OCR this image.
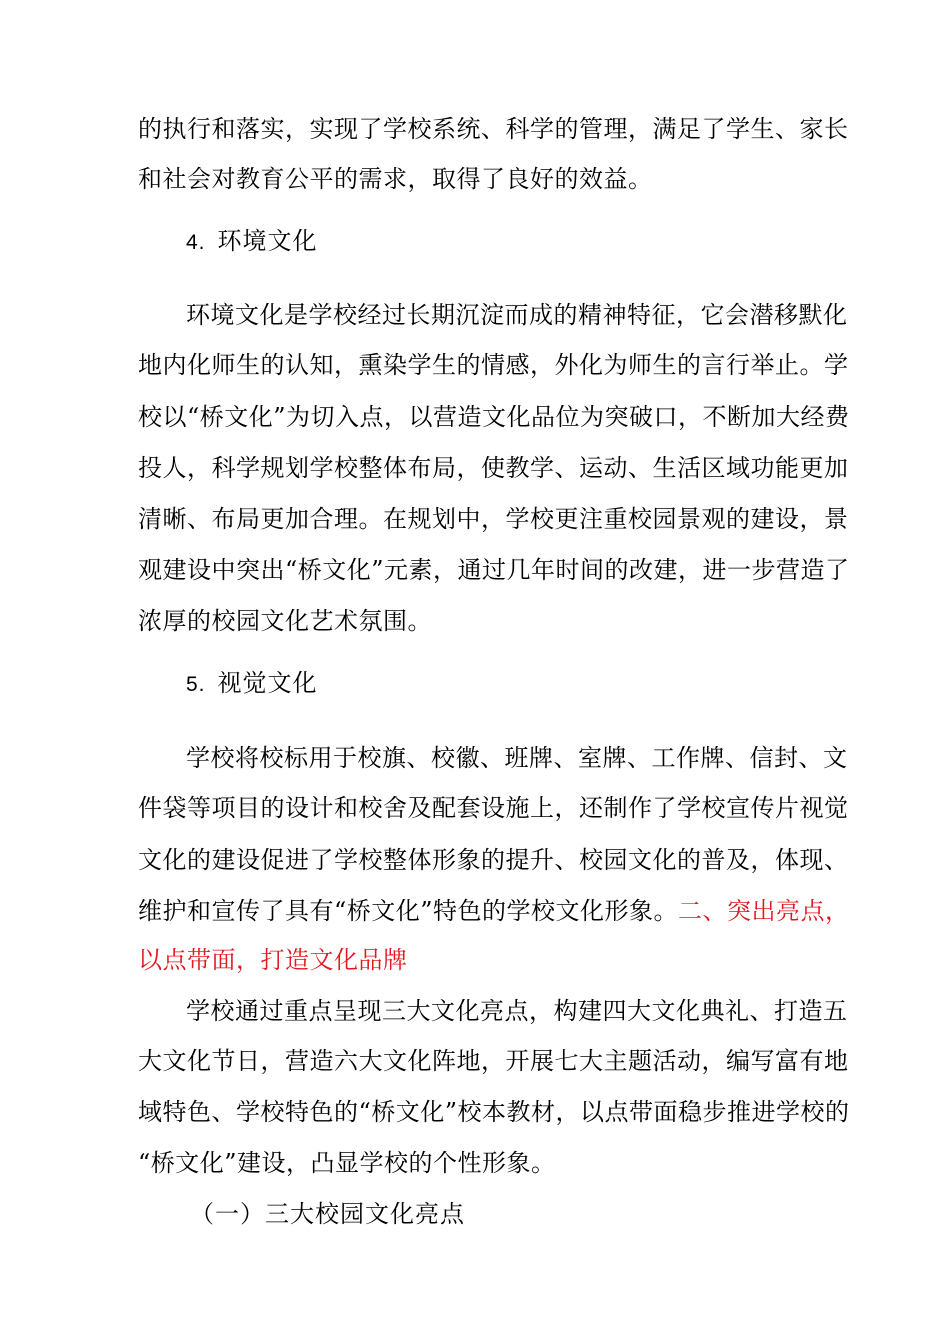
的执行和落实，实现了学校系统、科学的管理，满足了学生、家长
和社会对教育公平的需求，取得了良好的效益。
4. 环境文化
环境文化是学校经过长期沉淀而成的精神特征，它会潜移默化
地内化师生的认知，熏染学生的情感，外化为师生的言行举止。学
校以“桥文化”为切入点，以营造文化品位为突破口，不断加大经费
投人，科学规划学校整体布局，使教学、运动、生活区域功能更加
清晰、布局更加合理。在规划中，学校更注重校园景观的建设，景
观建设中突出“桥文化”元素，通过几年时间的改建，进一步营造了
浓厚的校园文化艺术氛围。
5. 视觉文化
学校将校标用于校旗、校徽、班牌、室牌、工作牌、信封、文
件袋等项目的设计和校舍及配套设施上，还制作了学校宣传片视觉
文化的建设促进了学校整体形象的提升、校园文化的普及，体现、
维护和宣传了具有“桥文化”特色的学校文化形象。二、突出亮点，
以点带面，打造文化品牌
学校通过重点呈现三大文化亮点，构建四大文化典礼、打造五
大文化节日，营造六大文化阵地，开展七大主题活动，编写富有地
域特色、学校特色的“桥文化”校本教材，以点带面稳步推进学校的
“桥文化”建设，凸显学校的个性形象。
（一）三大校园文化亮点
